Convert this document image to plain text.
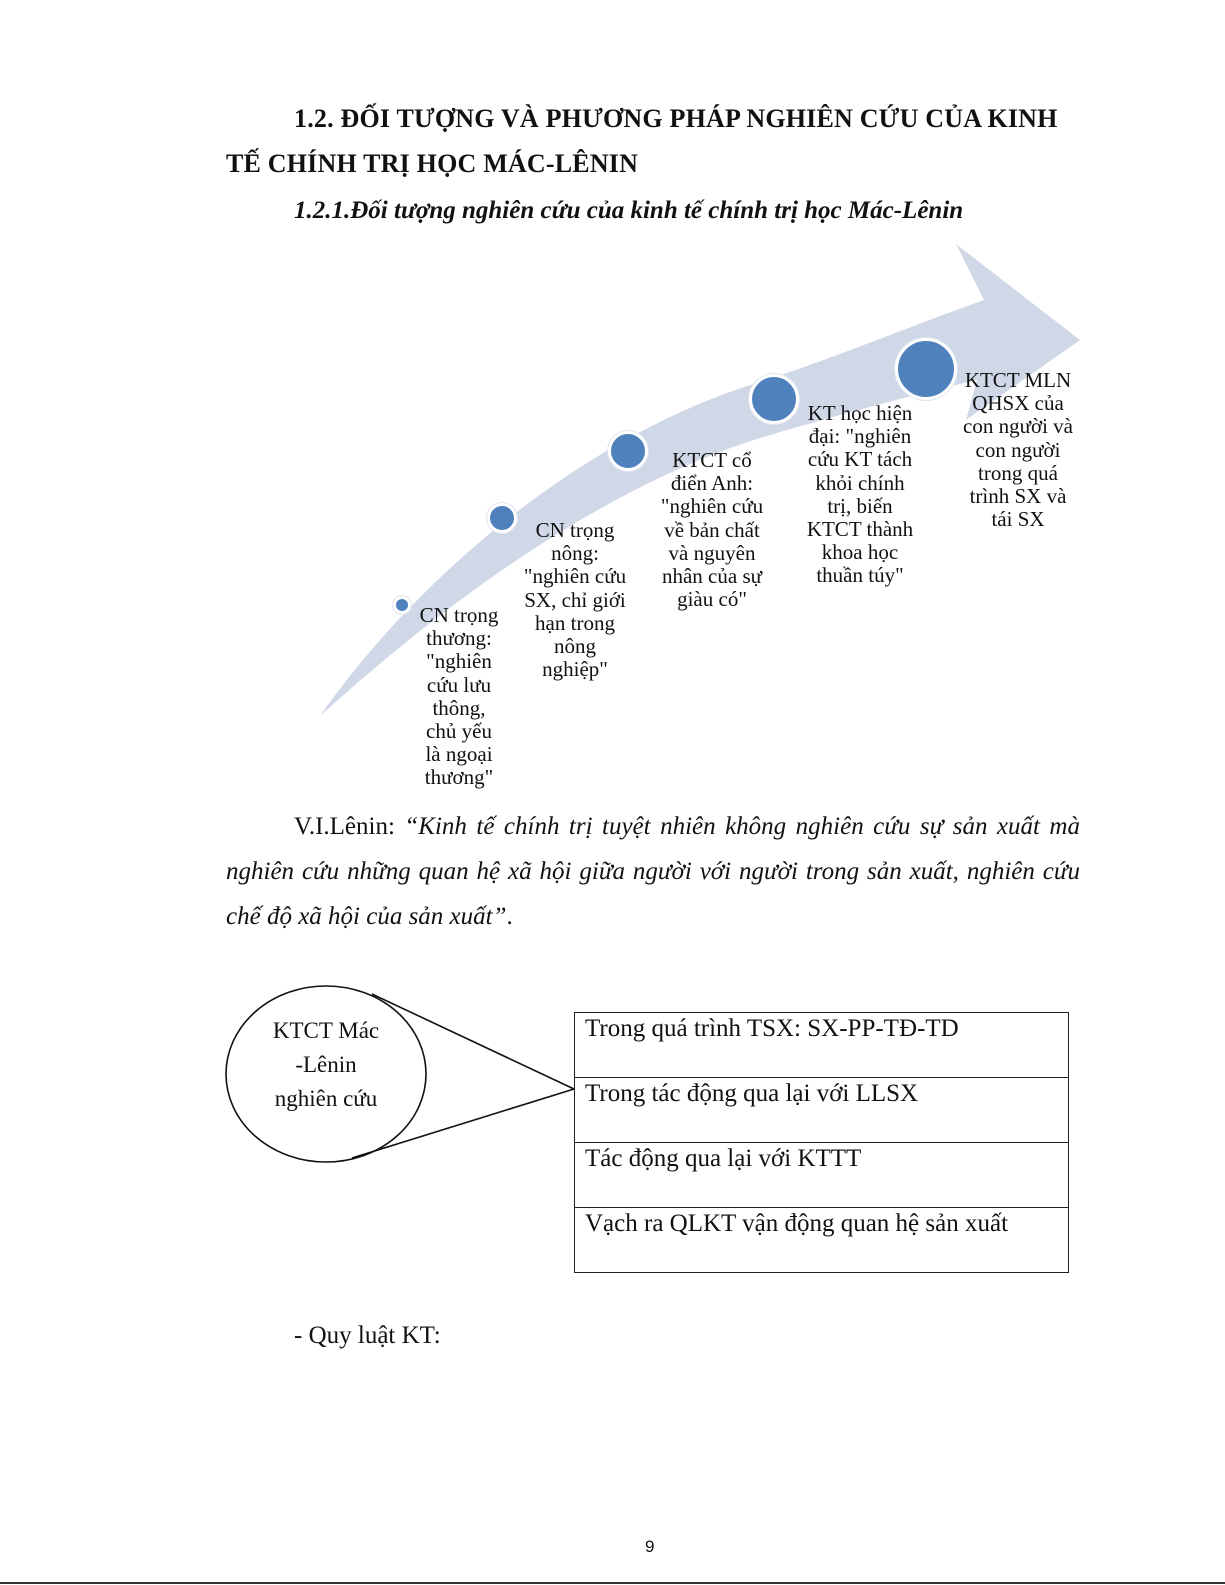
1.2. ĐỐI TƯỢNG VÀ PHƯƠNG PHÁP NGHIÊN CỨU CỦA KINH
TẾ CHÍNH TRỊ HỌC MÁC-LÊNIN
1.2.1.Đối tượng nghiên cứu của kinh tế chính trị học Mác-Lênin
CN trọng
thương:
"nghiên
cứu lưu
thông,
chủ yếu
là ngoại
thương"
CN trọng
nông:
"nghiên cứu
SX, chỉ giới
hạn trong
nông
nghiệp"
KTCT cổ
điển Anh:
"nghiên cứu
về bản chất
và nguyên
nhân của sự
giàu có"
KT học hiện
đại: "nghiên
cứu KT tách
khỏi chính
trị, biến
KTCT thành
khoa học
thuần túy"
KTCT MLN
QHSX của
con người và
con người
trong quá
trình SX và
tái SX
V.I.Lênin: “Kinh tế chính trị tuyệt nhiên không nghiên cứu sự sản xuất mà nghiên cứu những quan hệ xã hội giữa người với người trong sản xuất, nghiên cứu chế độ xã hội của sản xuất”.
KTCT Mác
-Lênin
nghiên cứu
Trong quá trình TSX: SX-PP-TĐ-TD
Trong tác động qua lại với LLSX
Tác động qua lại với KTTT
Vạch ra QLKT vận động quan hệ sản xuất
- Quy luật KT:
9
